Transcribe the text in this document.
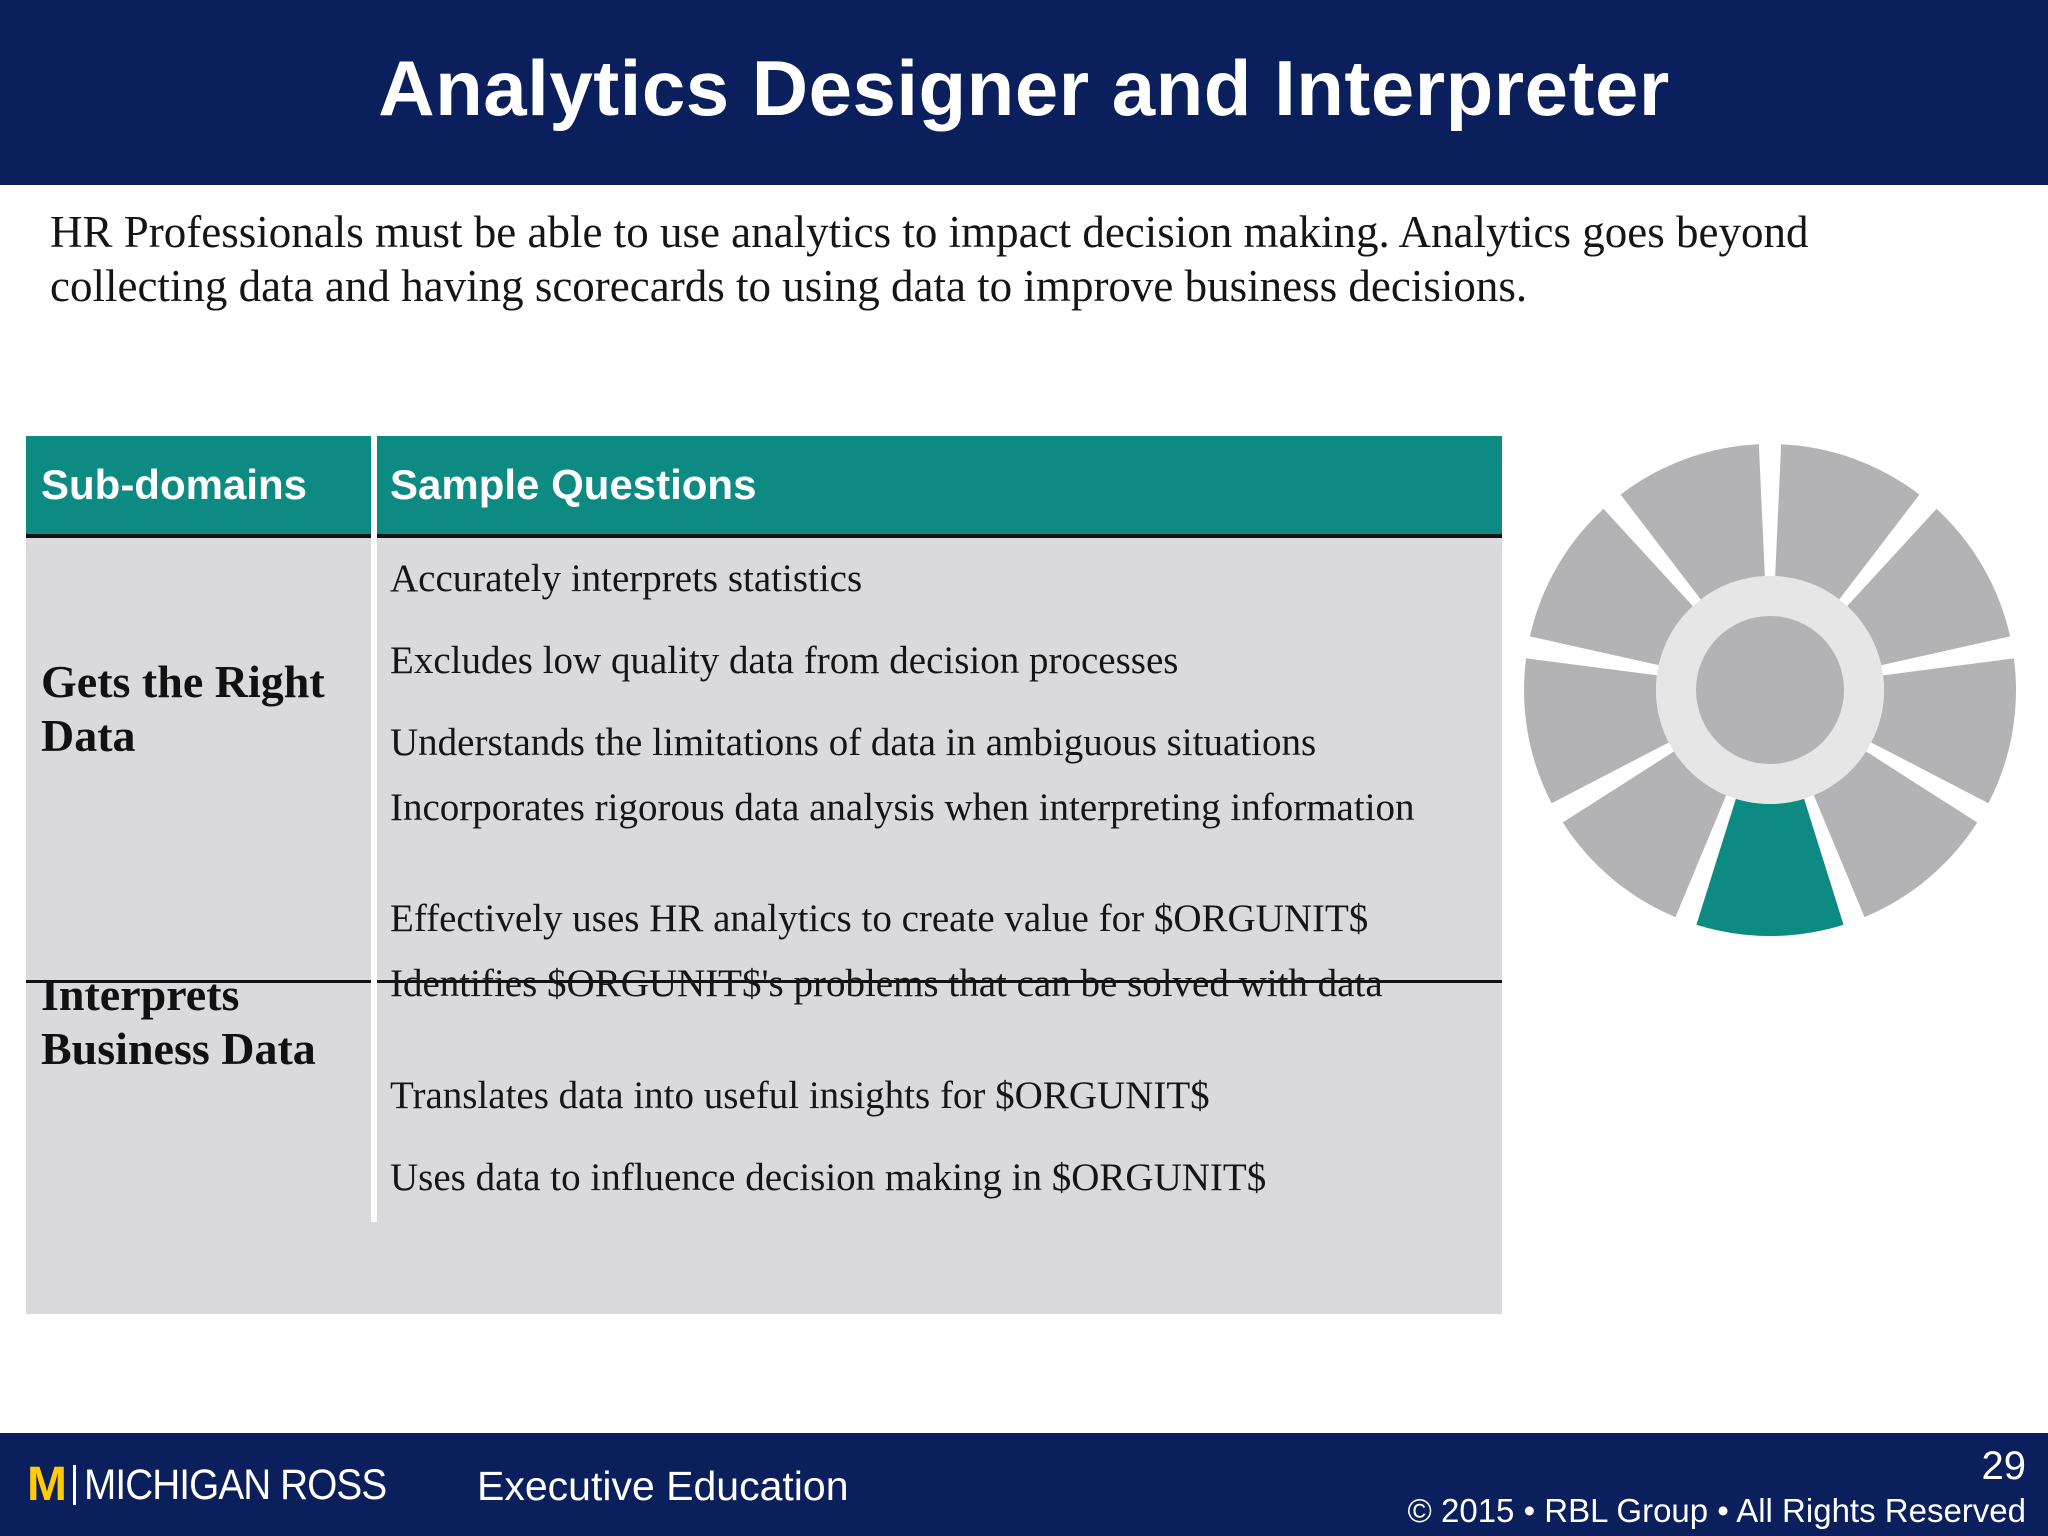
Analytics Designer and Interpreter

HR Professionals must be able to use analytics to impact decision making. Analytics goes beyond collecting data and having scorecards to using data to improve business decisions.

Sub-domains	Sample Questions
Gets the Right Data
Accurately interprets statistics
Excludes low quality data from decision processes
Understands the limitations of data in ambiguous situations
Incorporates rigorous data analysis when interpreting information
Interprets Business Data
Effectively uses HR analytics to create value for $ORGUNIT$
Identifies $ORGUNIT$'s problems that can be solved with data
Translates data into useful insights for $ORGUNIT$
Uses data to influence decision making in $ORGUNIT$
M MICHIGAN ROSS Executive Education	29
© 2015 • RBL Group • All Rights Reserved
